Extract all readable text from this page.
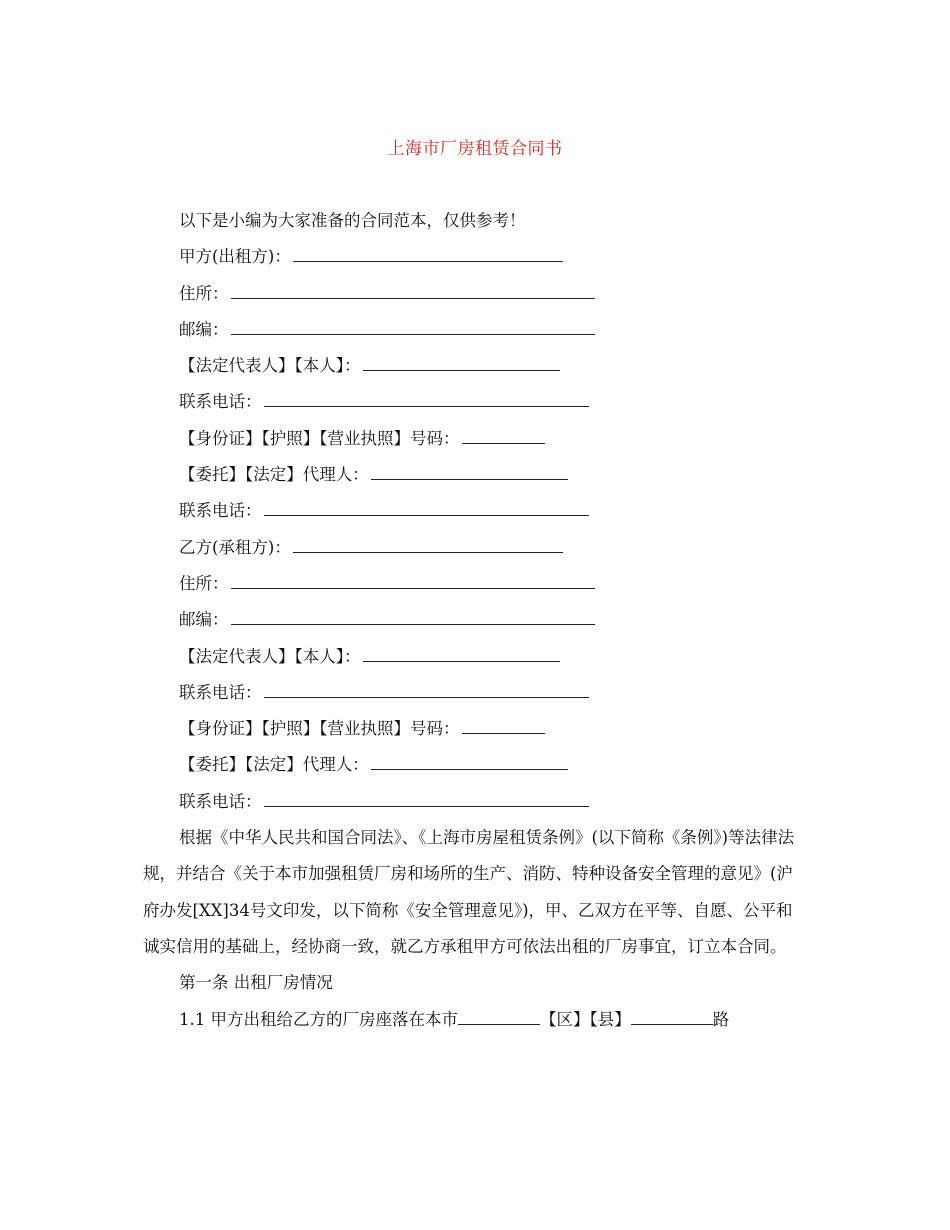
上海市厂房租赁合同书
以下是小编为大家准备的合同范本，仅供参考！
甲方(出租方)：
住所：
邮编：
【法定代表人】【本人】：
联系电话：
【身份证】【护照】【营业执照】号码：
【委托】【法定】代理人：
联系电话：
乙方(承租方)：
住所：
邮编：
【法定代表人】【本人】：
联系电话：
【身份证】【护照】【营业执照】号码：
【委托】【法定】代理人：
联系电话：

根据《中华人民共和国合同法》、《上海市房屋租赁条例》(以下简称《条例》)等法律法规，并结合《关于本市加强租赁厂房和场所的生产、消防、特种设备安全管理的意见》(沪府办发[XX]34号文印发，以下简称《安全管理意见》)，甲、乙双方在平等、自愿、公平和诚实信用的基础上，经协商一致，就乙方承租甲方可依法出租的厂房事宜，订立本合同。

第一条 出租厂房情况
1.1 甲方出租给乙方的厂房座落在本市	【区】【县】	路
